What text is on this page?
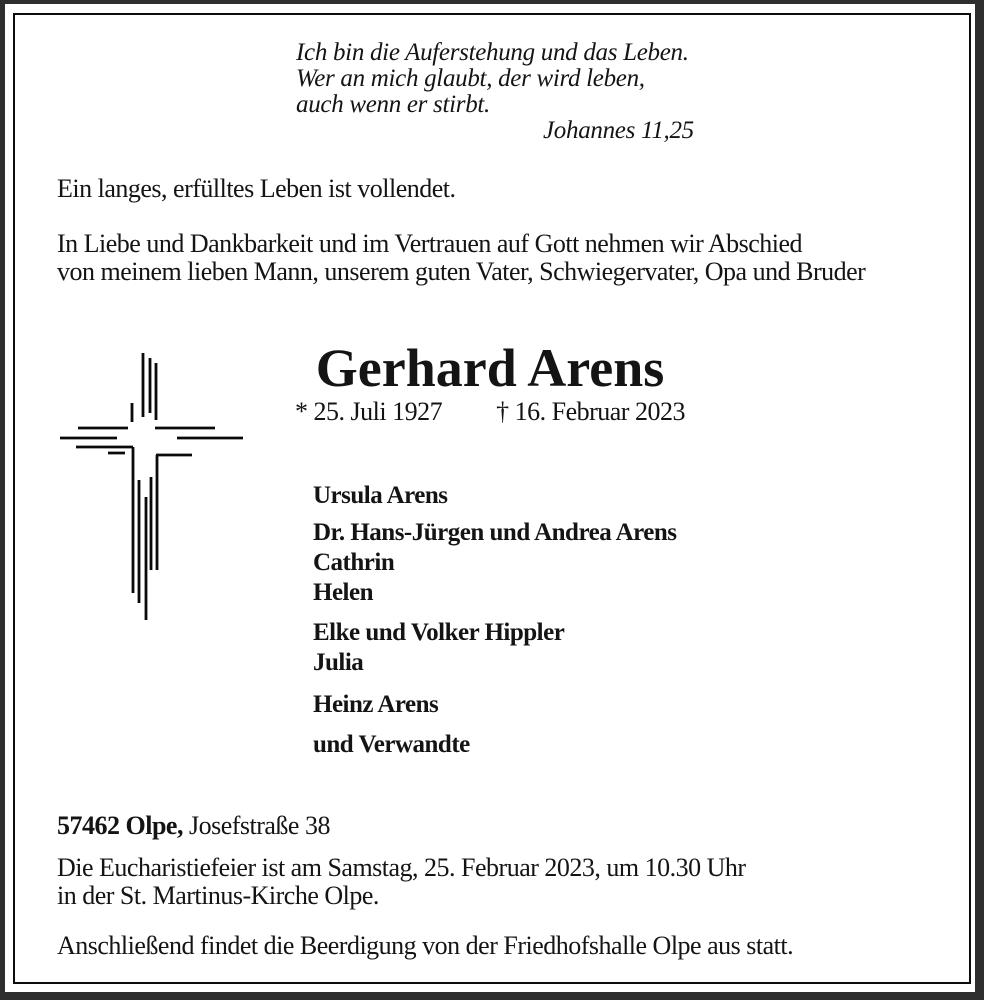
Ich bin die Auferstehung und das Leben.
Wer an mich glaubt, der wird leben,
auch wenn er stirbt.
Johannes 11,25
Ein langes, erfülltes Leben ist vollendet.
In Liebe und Dankbarkeit und im Vertrauen auf Gott nehmen wir Abschied
von meinem lieben Mann, unserem guten Vater, Schwiegervater, Opa und Bruder
Gerhard Arens
* 25. Juli 1927 † 16. Februar 2023
Ursula Arens
Dr. Hans-Jürgen und Andrea Arens
Cathrin
Helen
Elke und Volker Hippler
Julia
Heinz Arens
und Verwandte
57462 Olpe, Josefstraße 38
Die Eucharistiefeier ist am Samstag, 25. Februar 2023, um 10.30 Uhr
in der St. Martinus-Kirche Olpe.
Anschließend findet die Beerdigung von der Friedhofshalle Olpe aus statt.
